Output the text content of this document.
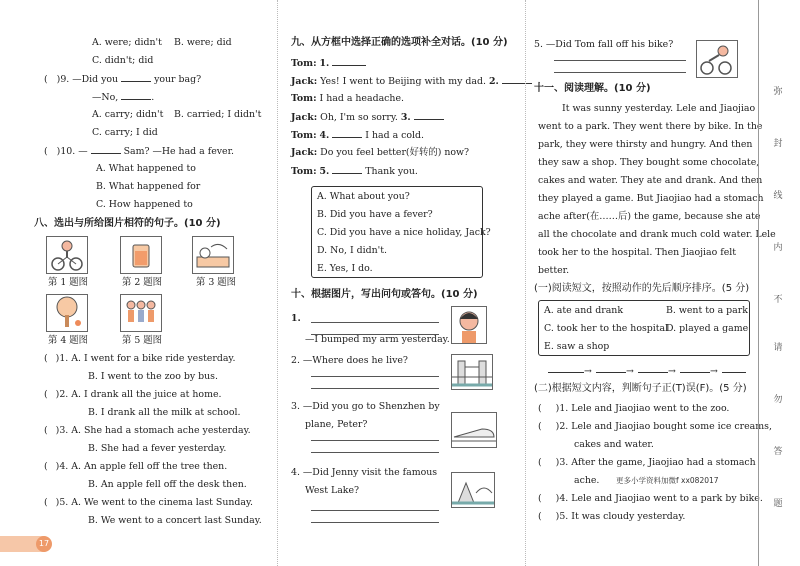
A. were; didn't B. were; did
C. didn't; did
( )9. —Did you	your bag?
—No,	.
A. carry; didn't B. carried; I didn't
C. carry; I did
( )10. —	Sam? —He had a fever.
A. What happened to
B. What happened for
C. How happened to
八、选出与所给图片相符的句子。(10 分)
第 1 题图	第 2 题图	第 3 题图
第 4 题图	第 5 题图
( )1. A. I went for a bike ride yesterday.
B. I went to the zoo by bus.
( )2. A. I drank all the juice at home.
B. I drank all the milk at school.
( )3. A. She had a stomach ache yesterday.
B. She had a fever yesterday.
( )4. A. An apple fell off the tree then.
B. An apple fell off the desk then.
( )5. A. We went to the cinema last Sunday.
B. We went to a concert last Sunday.
17
九、从方框中选择正确的选项补全对话。(10 分)
Tom: 1.
Jack: Yes! I went to Beijing with my dad. 2.
Tom: I had a headache.
Jack: Oh, I'm so sorry. 3.
Tom: 4.	I had a cold.
Jack: Do you feel better(好转的) now?
Tom: 5.	Thank you.
A. What about you?
B. Did you have a fever?
C. Did you have a nice holiday, Jack?
D. No, I didn't.
E. Yes, I do.
十、根据图片，写出问句或答句。(10 分)
1.
—I bumped my arm yesterday.
2. —Where does he live?
3. —Did you go to Shenzhen by
plane, Peter?
4. —Did Jenny visit the famous
West Lake?
5. —Did Tom fall off his bike?
十一、阅读理解。(10 分)
It was sunny yesterday. Lele and Jiaojiao
went to a park. They went there by bike. In the
park, they were thirsty and hungry. And then
they saw a shop. They bought some chocolate,
cakes and water. They ate and drank. And then
they played a game. But Jiaojiao had a stomach
ache after(在……后) the game, because she ate
all the chocolate and drank much cold water. Lele
took her to the hospital. Then Jiaojiao felt
better.
(一)阅读短文，按照动作的先后顺序排序。(5 分)
A. ate and drank	B. went to a park
C. took her to the hospital
D. played a game
E. saw a shop
→	→	→	→
(二)根据短文内容，判断句子正(T)误(F)。(5 分)
( )1. Lele and Jiaojiao went to the zoo.
( )2. Lele and Jiaojiao bought some ice creams,
cakes and water.
( )3. After the game, Jiaojiao had a stomach
ache. 更多小学资料加微f xx082017
( )4. Lele and Jiaojiao went to a park by bike.
( )5. It was cloudy yesterday.
弥
封
线
内
不
请
勿
答
题
